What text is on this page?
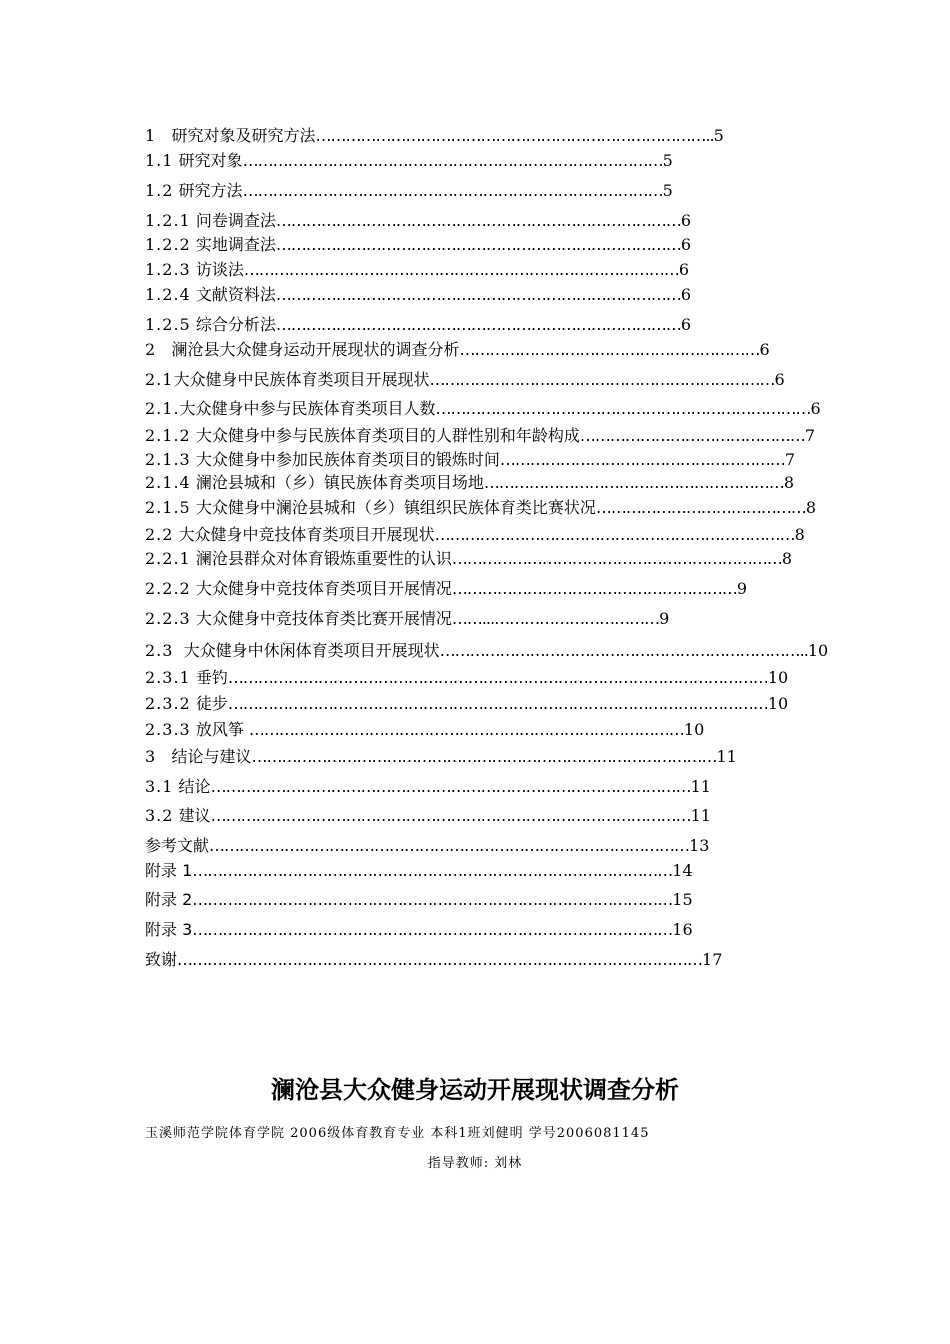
1 研究对象及研究方法……………………………………………………………………..5
1.1 研究对象…………………………………………………………………………5
1.2 研究方法…………………………………………………………………………5
1.2.1 问卷调查法………………………………………………………………………6
1.2.2 实地调查法………………………………………………………………………6
1.2.3 访谈法……………………………………………………………………………6
1.2.4 文献资料法………………………………………………………………………6
1.2.5 综合分析法………………………………………………………………………6
2 澜沧县大众健身运动开展现状的调查分析……………………………………………………6
2.1大众健身中民族体育类项目开展现状……………………………………………………………6
2.1.大众健身中参与民族体育类项目人数…………………………………………………………………6
2.1.2 大众健身中参与民族体育类项目的人群性别和年龄构成………………………………………7
2.1.3 大众健身中参加民族体育类项目的锻炼时间…………………………………………………7
2.1.4 澜沧县城和（乡）镇民族体育类项目场地……………………………………………………8
2.1.5 大众健身中澜沧县城和（乡）镇组织民族体育类比赛状况……………………………………8
2.2 大众健身中竞技体育类项目开展现状………………………………………………………………8
2.2.1 澜沧县群众对体育锻炼重要性的认识…………………………………………………………8
2.2.2 大众健身中竞技体育类项目开展情况…………………………………………………9
2.2.3 大众健身中竞技体育类比赛开展情况……...……………………………9
2.3 大众健身中休闲体育类项目开展现状………………………………………………………………..10
2.3.1 垂钓………………………………………………………………………………………………10
2.3.2 徒步………………………………………………………………………………………………10
2.3.3 放风筝 ……………………………………………………………………………10
3 结论与建议…………………………………………………………………………………11
3.1 结论……………………………………………………………………………………11
3.2 建议……………………………………………………………………………………11
参考文献……………………………………………………………………………………13
附录 1……………………………………………………………………………………14
附录 2……………………………………………………………………………………15
附录 3……………………………………………………………………………………16
致谢……………………………………………………………………………………………17
澜沧县大众健身运动开展现状调查分析
玉溪师范学院体育学院 2006级体育教育专业 本科1班刘健明 学号2006081145
指导教师: 刘林
